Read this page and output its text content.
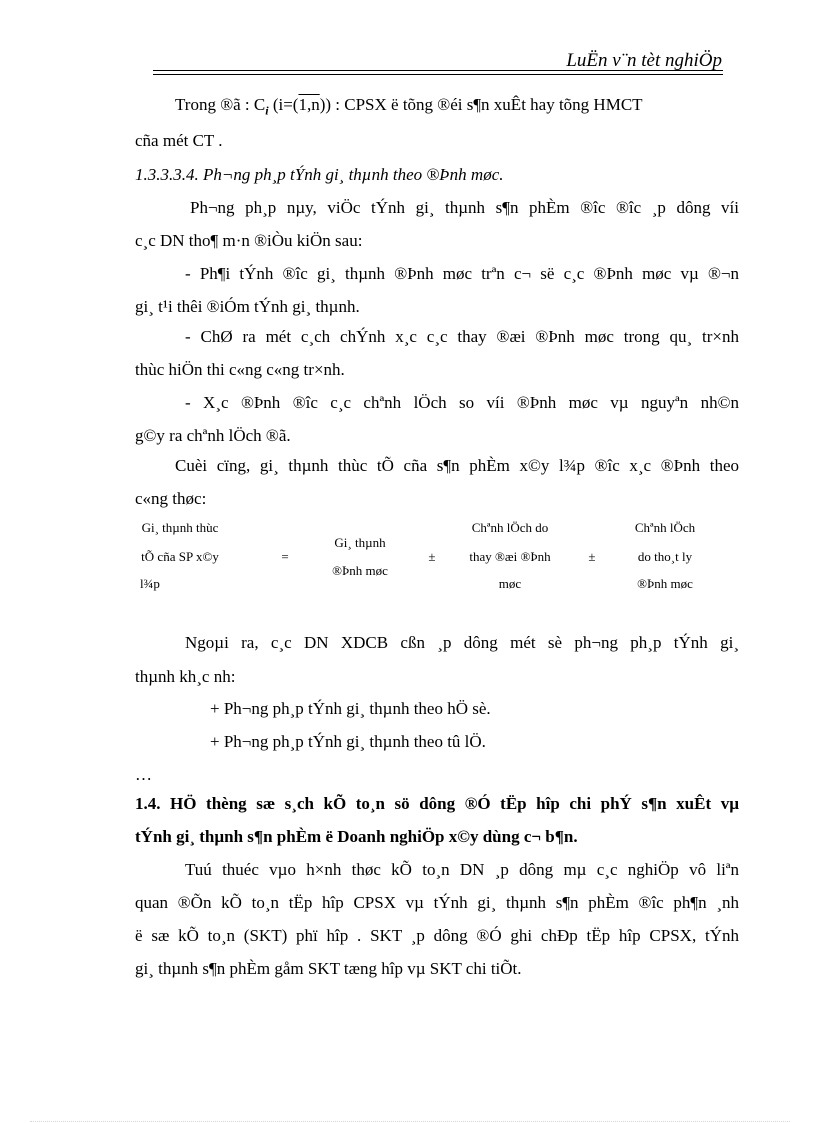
LuËn v¨n tèt nghiÖp
Trong ®ã : $C_i$ (i=(1,n)) : CPSX ë tõng ®éi s¶n xuÊt hay tõng HMCT
cña mét CT .
1.3.3.3.4. Ph¬ng ph¸p tÝnh gi¸ thµnh theo ®Þnh møc.
Ph¬ng ph¸p nµy, viÖc tÝnh gi¸ thµnh s¶n phÈm ®îc ®îc ¸p dông víi
c¸c DN tho¶ m·n ®iÒu kiÖn sau:
- Ph¶i tÝnh ®îc gi¸ thµnh ®Þnh møc trªn c¬ së c¸c ®Þnh møc vµ ®¬n
gi¸ t¹i thêi ®iÓm tÝnh gi¸ thµnh.
- ChØ ra mét c¸ch chÝnh x¸c c¸c thay ®æi ®Þnh møc trong qu¸ tr×nh
thùc hiÖn thi c«ng c«ng tr×nh.
- X¸c ®Þnh ®îc c¸c chªnh lÖch so víi ®Þnh møc vµ nguyªn nh©n
g©y ra chªnh lÖch ®ã.
Cuèi cïng, gi¸ thµnh thùc tÕ cña s¶n phÈm x©y l¾p ®îc x¸c ®Þnh theo
c«ng thøc:
Gi¸ thµnh thùc
tÕ cña SP x©y
l¾p
=
Gi¸ thµnh
®Þnh møc
±
Chªnh lÖch do
thay ®æi ®Þnh
møc
±
Chªnh lÖch
do tho¸t ly
®Þnh møc
Ngoµi ra, c¸c DN XDCB cßn ¸p dông mét sè ph¬ng ph¸p tÝnh gi¸
thµnh kh¸c nh:
+ Ph¬ng ph¸p tÝnh gi¸ thµnh theo hÖ sè.
+ Ph¬ng ph¸p tÝnh gi¸ thµnh theo tû lÖ.
…
1.4. HÖ thèng sæ s¸ch kÕ to¸n sö dông ®Ó tËp hîp chi phÝ s¶n xuÊt vµ
tÝnh gi¸ thµnh s¶n phÈm ë Doanh nghiÖp x©y dùng c¬ b¶n.
Tuú thuéc vµo h×nh thøc kÕ to¸n DN ¸p dông mµ c¸c nghiÖp vô liªn
quan ®Õn kÕ to¸n tËp hîp CPSX vµ tÝnh gi¸ thµnh s¶n phÈm ®îc ph¶n ¸nh
ë sæ kÕ to¸n (SKT) phï hîp . SKT ¸p dông ®Ó ghi chÐp tËp hîp CPSX, tÝnh
gi¸ thµnh s¶n phÈm gåm SKT tæng hîp vµ SKT chi tiÕt.
